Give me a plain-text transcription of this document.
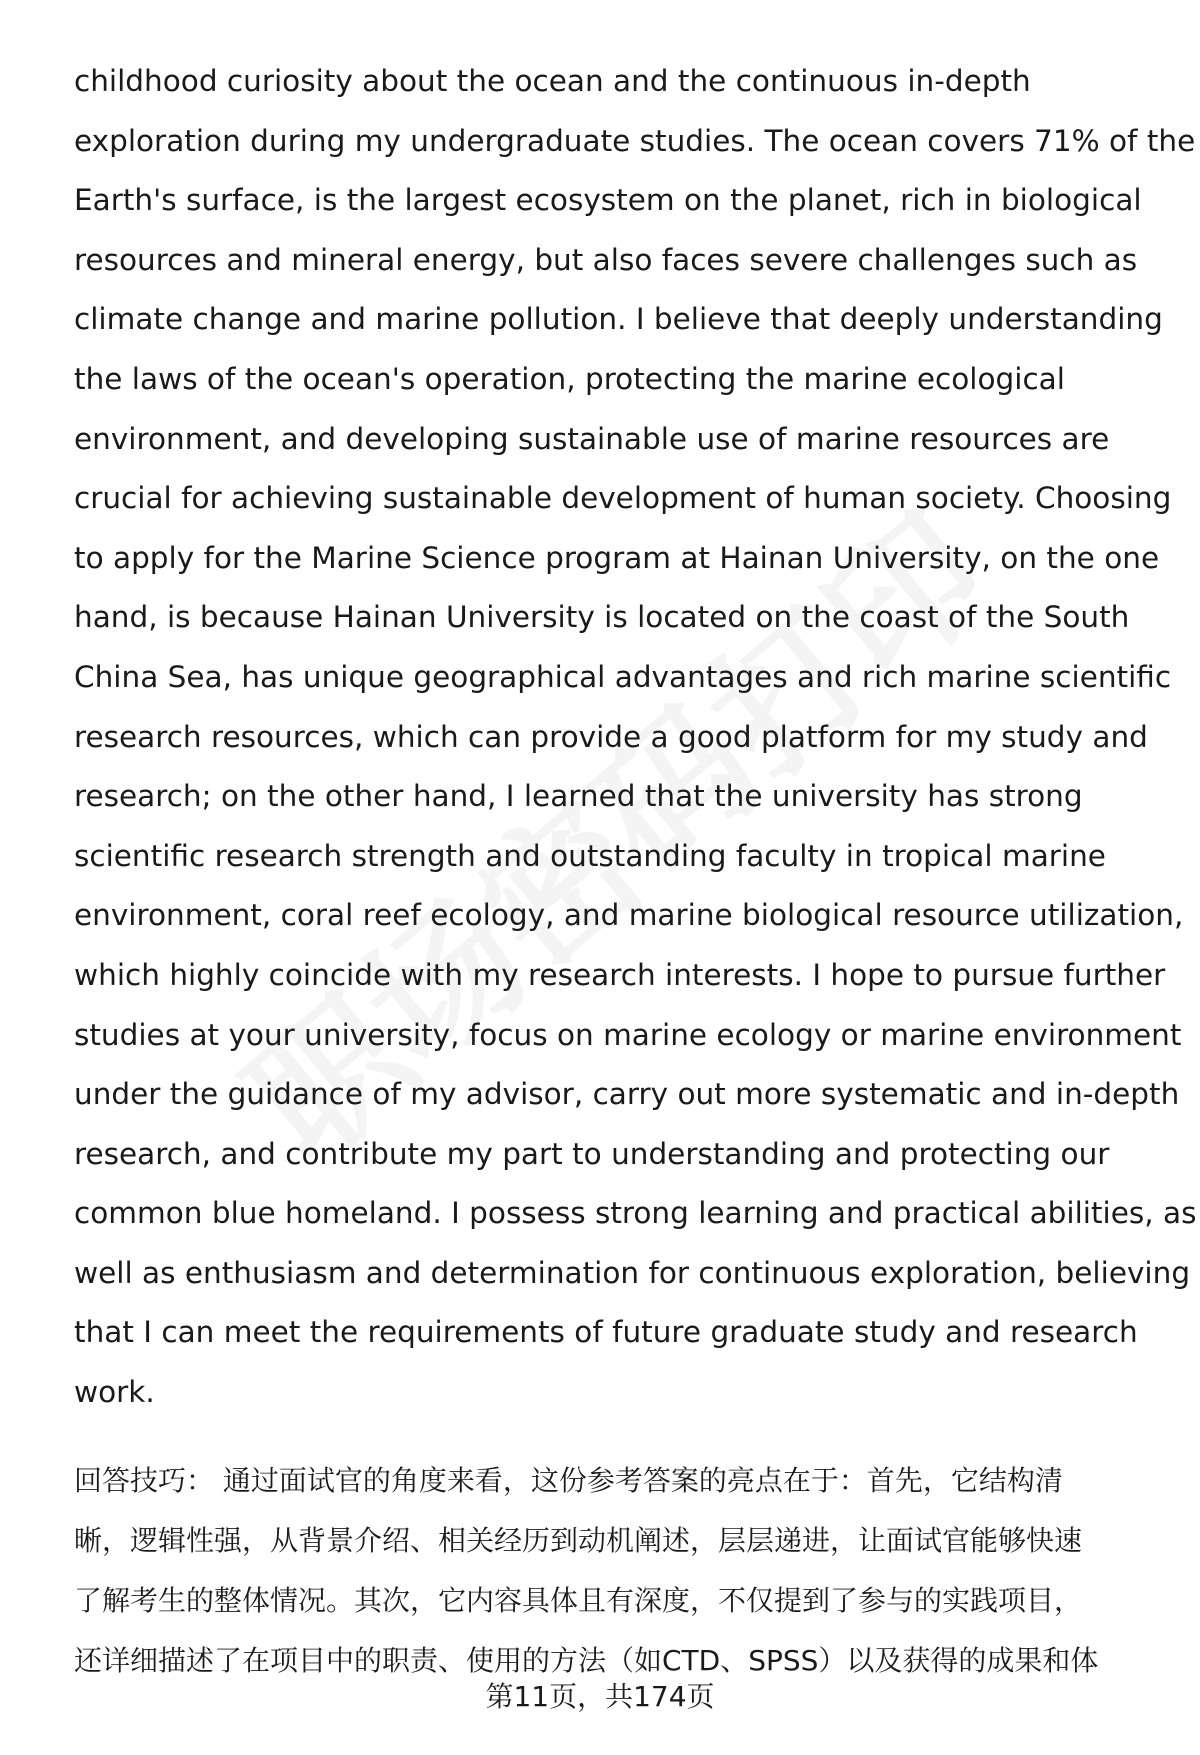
childhood curiosity about the ocean and the continuous in-depth
exploration during my undergraduate studies. The ocean covers 71% of the
Earth's surface, is the largest ecosystem on the planet, rich in biological
resources and mineral energy, but also faces severe challenges such as
climate change and marine pollution. I believe that deeply understanding
the laws of the ocean's operation, protecting the marine ecological
environment, and developing sustainable use of marine resources are
crucial for achieving sustainable development of human society. Choosing
to apply for the Marine Science program at Hainan University, on the one
hand, is because Hainan University is located on the coast of the South
China Sea, has unique geographical advantages and rich marine scientific
research resources, which can provide a good platform for my study and
research; on the other hand, I learned that the university has strong
scientific research strength and outstanding faculty in tropical marine
environment, coral reef ecology, and marine biological resource utilization,
which highly coincide with my research interests. I hope to pursue further
studies at your university, focus on marine ecology or marine environment
under the guidance of my advisor, carry out more systematic and in-depth
research, and contribute my part to understanding and protecting our
common blue homeland. I possess strong learning and practical abilities, as
well as enthusiasm and determination for continuous exploration, believing
that I can meet the requirements of future graduate study and research
work.

回答技巧： 通过面试官的角度来看，这份参考答案的亮点在于：首先，它结构清
晰，逻辑性强，从背景介绍、相关经历到动机阐述，层层递进，让面试官能够快速
了解考生的整体情况。其次，它内容具体且有深度，不仅提到了参与的实践项目，
还详细描述了在项目中的职责、使用的方法（如CTD、SPSS）以及获得的成果和体

第11页，共174页
